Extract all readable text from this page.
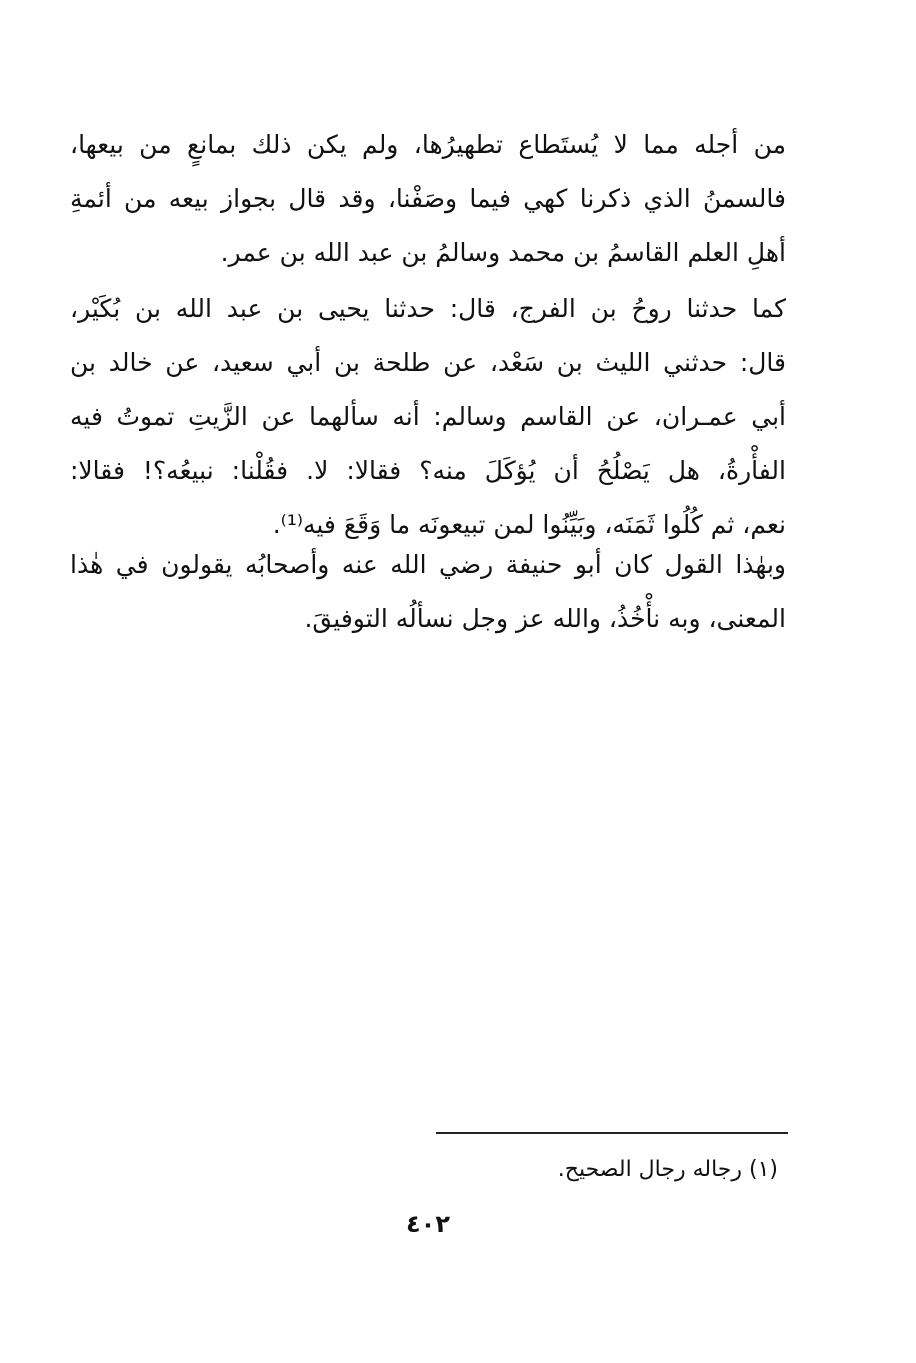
من أجله مما لا يُستَطاع تطهيرُها، ولم يكن ذلك بمانعٍ من بيعها،
فالسمنُ الذي ذكرنا كهي فيما وصَفْنا، وقد قال بجواز بيعه من أئمةِ
أهلِ العلم القاسمُ بن محمد وسالمُ بن عبد الله بن عمر.
كما حدثنا روحُ بن الفرج، قال: حدثنا يحيى بن عبد الله بن بُكَيْر،
قال: حدثني الليث بن سَعْد، عن طلحة بن أبي سعيد، عن خالد بن
أبي عمـران، عن القاسم وسالم: أنه سألهما عن الزَّيتِ تموتُ فيه
الفأْرةُ، هل يَصْلُحُ أن يُؤكَلَ منه؟ فقالا: لا. فقُلْنا: نبيعُه؟! فقالا:
نعم، ثم كُلُوا ثَمَنَه، وبَيِّنُوا لمن تبيعونَه ما وَقَعَ فيه⁽¹⁾.
وبهٰذا القول كان أبو حنيفة رضي الله عنه وأصحابُه يقولون في هٰذا
المعنى، وبه نأْخُذُ، والله عز وجل نسألُه التوفيقَ.
(١) رجاله رجال الصحيح.
٤٠٢
